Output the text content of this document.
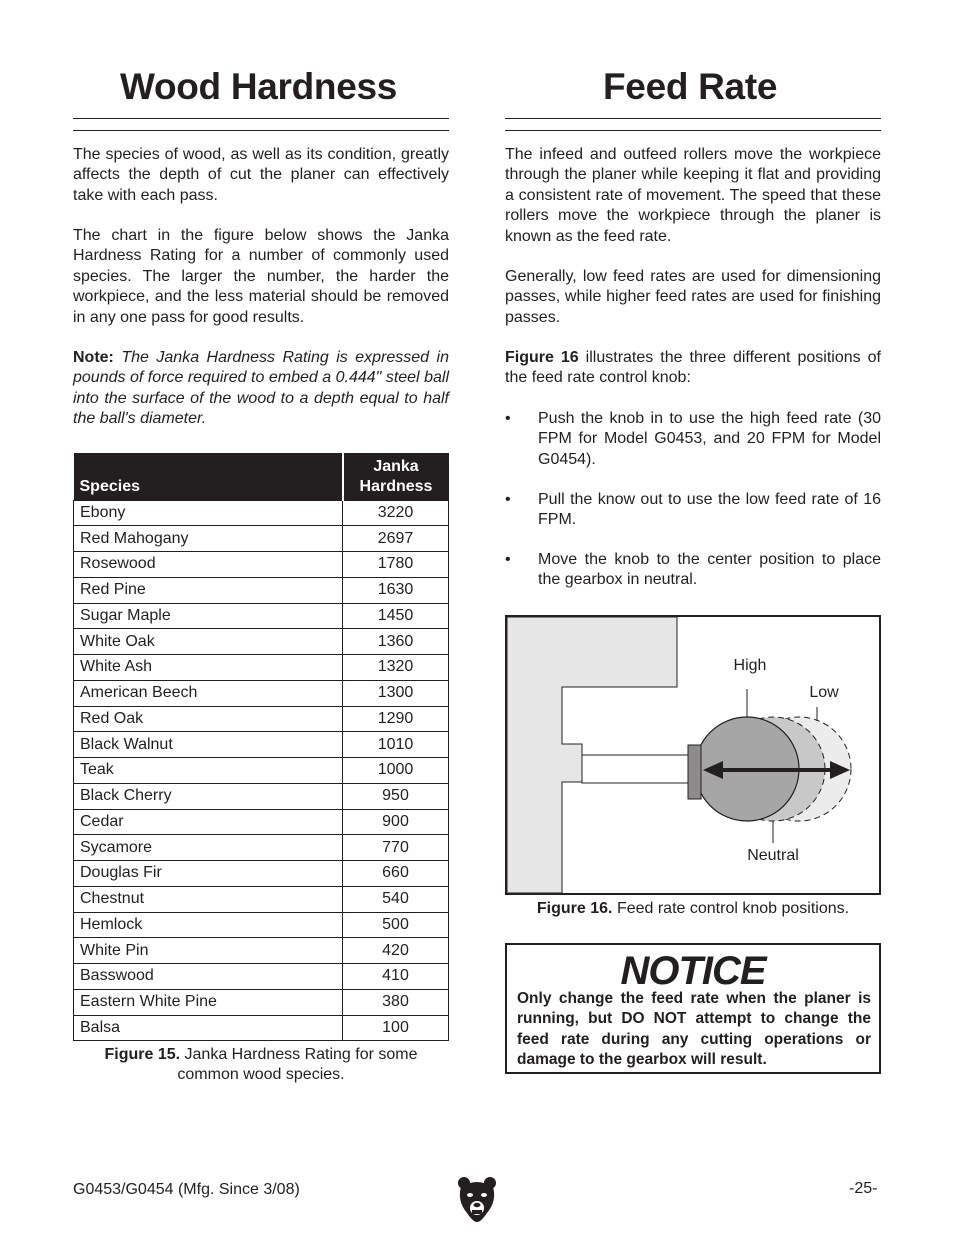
Wood Hardness

The species of wood, as well as its condition, greatly affects the depth of cut the planer can effectively take with each pass.

The chart in the figure below shows the Janka Hardness Rating for a number of commonly used species. The larger the number, the harder the workpiece, and the less material should be removed in any one pass for good results.

Note: The Janka Hardness Rating is expressed in pounds of force required to embed a 0.444" steel ball into the surface of the wood to a depth equal to half the ball's diameter.

Species	Janka Hardness
Ebony	3220
Red Mahogany	2697
Rosewood	1780
Red Pine	1630
Sugar Maple	1450
White Oak	1360
White Ash	1320
American Beech	1300
Red Oak	1290
Black Walnut	1010
Teak	1000
Black Cherry	950
Cedar	900
Sycamore	770
Douglas Fir	660
Chestnut	540
Hemlock	500
White Pin	420
Basswood	410
Eastern White Pine	380
Balsa	100

Figure 15. Janka Hardness Rating for some common wood species.

Feed Rate

The infeed and outfeed rollers move the workpiece through the planer while keeping it flat and providing a consistent rate of movement. The speed that these rollers move the workpiece through the planer is known as the feed rate.

Generally, low feed rates are used for dimensioning passes, while higher feed rates are used for finishing passes.

Figure 16 illustrates the three different positions of the feed rate control knob:

• Push the knob in to use the high feed rate (30 FPM for Model G0453, and 20 FPM for Model G0454).
• Pull the know out to use the low feed rate of 16 FPM.
• Move the knob to the center position to place the gearbox in neutral.
High
Low
Neutral

Figure 16. Feed rate control knob positions.

NOTICE

Only change the feed rate when the planer is running, but DO NOT attempt to change the feed rate during any cutting operations or damage to the gearbox will result.

G0453/G0454 (Mfg. Since 3/08)	-25-
